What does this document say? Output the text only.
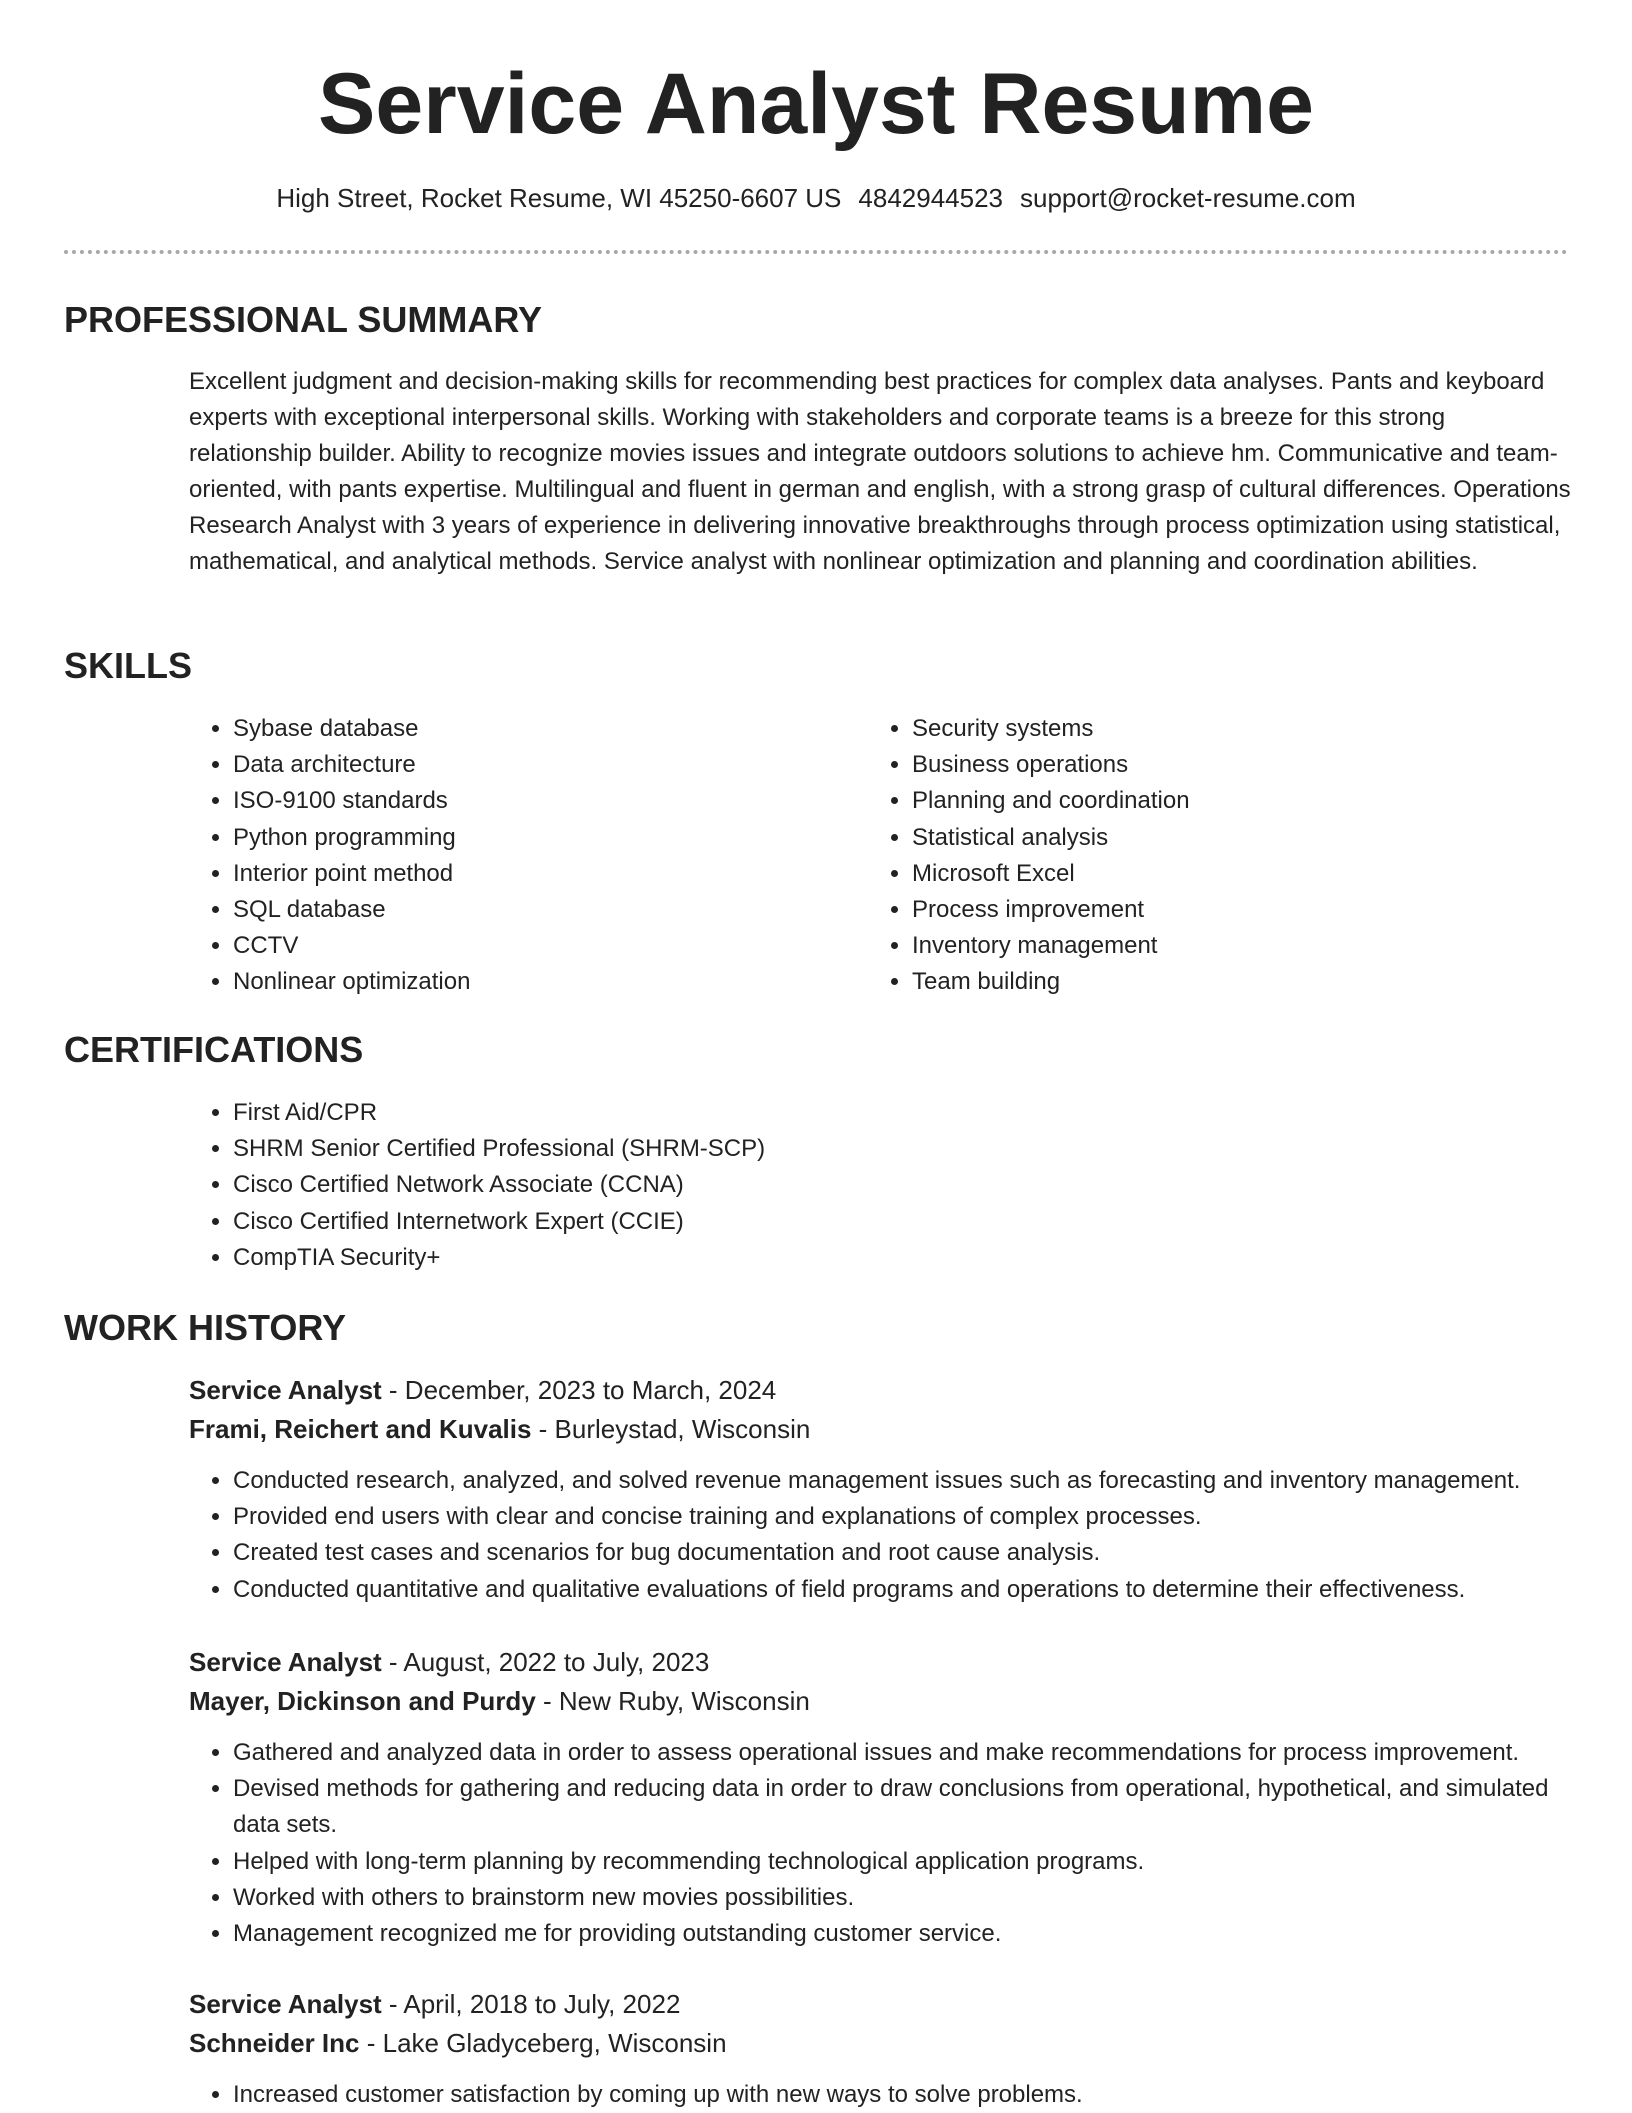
Service Analyst Resume
High Street, Rocket Resume, WI 45250-6607 US 4842944523 support@rocket-resume.com
PROFESSIONAL SUMMARY

Excellent judgment and decision-making skills for recommending best practices for complex data analyses. Pants and keyboard experts with exceptional interpersonal skills. Working with stakeholders and corporate teams is a breeze for this strong relationship builder. Ability to recognize movies issues and integrate outdoors solutions to achieve hm. Communicative and team-oriented, with pants expertise. Multilingual and fluent in german and english, with a strong grasp of cultural differences. Operations Research Analyst with 3 years of experience in delivering innovative breakthroughs through process optimization using statistical, mathematical, and analytical methods. Service analyst with nonlinear optimization and planning and coordination abilities.

SKILLS
• Sybase database
• Data architecture
• ISO-9100 standards
• Python programming
• Interior point method
• SQL database
• CCTV
• Nonlinear optimization
• Security systems
• Business operations
• Planning and coordination
• Statistical analysis
• Microsoft Excel
• Process improvement
• Inventory management
• Team building
CERTIFICATIONS
• First Aid/CPR
• SHRM Senior Certified Professional (SHRM-SCP)
• Cisco Certified Network Associate (CCNA)
• Cisco Certified Internetwork Expert (CCIE)
• CompTIA Security+
WORK HISTORY
Service Analyst - December, 2023 to March, 2024
Frami, Reichert and Kuvalis - Burleystad, Wisconsin
• Conducted research, analyzed, and solved revenue management issues such as forecasting and inventory management.
• Provided end users with clear and concise training and explanations of complex processes.
• Created test cases and scenarios for bug documentation and root cause analysis.
• Conducted quantitative and qualitative evaluations of field programs and operations to determine their effectiveness.
Service Analyst - August, 2022 to July, 2023
Mayer, Dickinson and Purdy - New Ruby, Wisconsin
• Gathered and analyzed data in order to assess operational issues and make recommendations for process improvement.
• Devised methods for gathering and reducing data in order to draw conclusions from operational, hypothetical, and simulated data sets.
• Helped with long-term planning by recommending technological application programs.
• Worked with others to brainstorm new movies possibilities.
• Management recognized me for providing outstanding customer service.
Service Analyst - April, 2018 to July, 2022
Schneider Inc - Lake Gladyceberg, Wisconsin
• Increased customer satisfaction by coming up with new ways to solve problems.
